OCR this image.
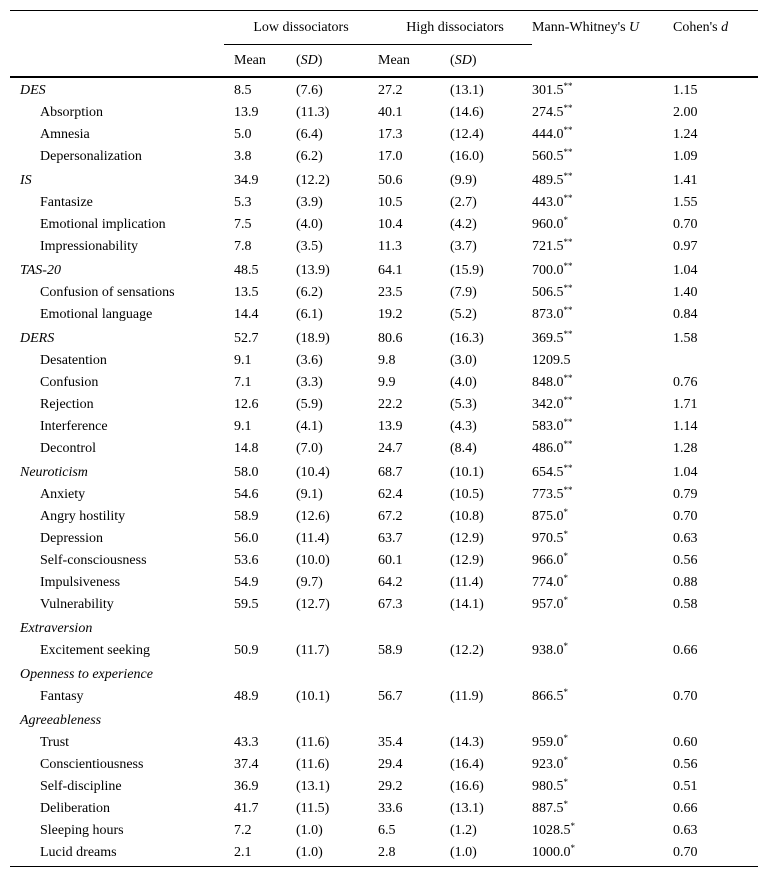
	Low dissociators		High dissociators		Mann-Whitney's U	Cohen's d
	Mean	(SD)	Mean	(SD)		
DES	8.5	(7.6)	27.2	(13.1)	301.5**	1.15
Absorption	13.9	(11.3)	40.1	(14.6)	274.5**	2.00
Amnesia	5.0	(6.4)	17.3	(12.4)	444.0**	1.24
Depersonalization	3.8	(6.2)	17.0	(16.0)	560.5**	1.09
IS	34.9	(12.2)	50.6	(9.9)	489.5**	1.41
Fantasize	5.3	(3.9)	10.5	(2.7)	443.0**	1.55
Emotional implication	7.5	(4.0)	10.4	(4.2)	960.0*	0.70
Impressionability	7.8	(3.5)	11.3	(3.7)	721.5**	0.97
TAS-20	48.5	(13.9)	64.1	(15.9)	700.0**	1.04
Confusion of sensations	13.5	(6.2)	23.5	(7.9)	506.5**	1.40
Emotional language	14.4	(6.1)	19.2	(5.2)	873.0**	0.84
DERS	52.7	(18.9)	80.6	(16.3)	369.5**	1.58
Desatention	9.1	(3.6)	9.8	(3.0)	1209.5	
Confusion	7.1	(3.3)	9.9	(4.0)	848.0**	0.76
Rejection	12.6	(5.9)	22.2	(5.3)	342.0**	1.71
Interference	9.1	(4.1)	13.9	(4.3)	583.0**	1.14
Decontrol	14.8	(7.0)	24.7	(8.4)	486.0**	1.28
Neuroticism	58.0	(10.4)	68.7	(10.1)	654.5**	1.04
Anxiety	54.6	(9.1)	62.4	(10.5)	773.5**	0.79
Angry hostility	58.9	(12.6)	67.2	(10.8)	875.0*	0.70
Depression	56.0	(11.4)	63.7	(12.9)	970.5*	0.63
Self-consciousness	53.6	(10.0)	60.1	(12.9)	966.0*	0.56
Impulsiveness	54.9	(9.7)	64.2	(11.4)	774.0*	0.88
Vulnerability	59.5	(12.7)	67.3	(14.1)	957.0*	0.58
Extraversion						
Excitement seeking	50.9	(11.7)	58.9	(12.2)	938.0*	0.66
Openness to experience						
Fantasy	48.9	(10.1)	56.7	(11.9)	866.5*	0.70
Agreeableness						
Trust	43.3	(11.6)	35.4	(14.3)	959.0*	0.60
Conscientiousness	37.4	(11.6)	29.4	(16.4)	923.0*	0.56
Self-discipline	36.9	(13.1)	29.2	(16.6)	980.5*	0.51
Deliberation	41.7	(11.5)	33.6	(13.1)	887.5*	0.66
Sleeping hours	7.2	(1.0)	6.5	(1.2)	1028.5*	0.63
Lucid dreams	2.1	(1.0)	2.8	(1.0)	1000.0*	0.70
